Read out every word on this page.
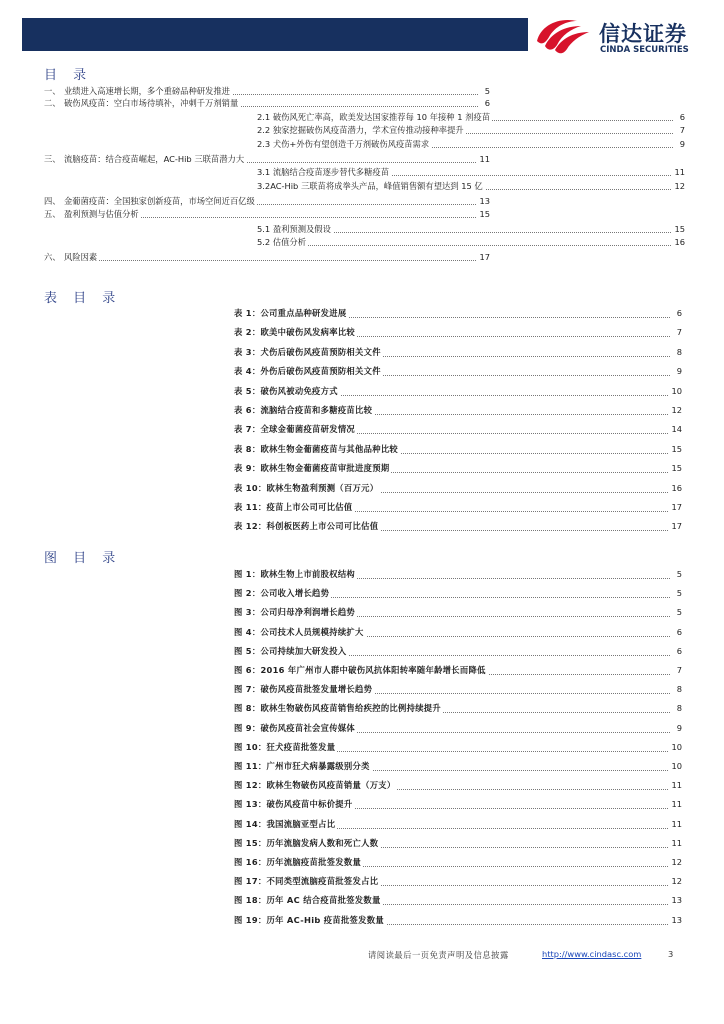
信达证券
CINDA SECURITIES
目 录
一、 业绩进入高速增长期，多个重磅品种研发推进	5
二、 破伤风疫苗：空白市场待填补，冲刺千万剂销量	6
2.1 破伤风死亡率高，欧美发达国家推荐每 10 年接种 1 剂疫苗	6
2.2 独家挖掘破伤风疫苗潜力，学术宣传推动接种率提升	7
2.3 犬伤+外伤有望创造千万剂破伤风疫苗需求	9
三、 流脑疫苗：结合疫苗崛起，AC-Hib 三联苗潜力大	11
3.1 流脑结合疫苗逐步替代多糖疫苗	11
3.2AC-Hib 三联苗将成拳头产品，峰值销售额有望达到 15 亿	12
四、 金葡菌疫苗：全国独家创新疫苗，市场空间近百亿级	13
五、 盈利预测与估值分析	15
5.1 盈利预测及假设	15
5.2 估值分析	16
六、 风险因素	17
表 目 录
表 1：公司重点品种研发进展	6
表 2：欧美中破伤风发病率比较	7
表 3：犬伤后破伤风疫苗预防相关文件	8
表 4：外伤后破伤风疫苗预防相关文件	9
表 5：破伤风被动免疫方式	10
表 6：流脑结合疫苗和多糖疫苗比较	12
表 7：全球金葡菌疫苗研发情况	14
表 8：欧林生物金葡菌疫苗与其他品种比较	15
表 9：欧林生物金葡菌疫苗审批进度预期	15
表 10：欧林生物盈利预测（百万元）	16
表 11：疫苗上市公司可比估值	17
表 12：科创板医药上市公司可比估值	17
图 目 录
图 1：欧林生物上市前股权结构	5
图 2：公司收入增长趋势	5
图 3：公司归母净利润增长趋势	5
图 4：公司技术人员规模持续扩大	6
图 5：公司持续加大研发投入	6
图 6：2016 年广州市人群中破伤风抗体阳转率随年龄增长而降低	7
图 7：破伤风疫苗批签发量增长趋势	8
图 8：欧林生物破伤风疫苗销售给疾控的比例持续提升	8
图 9：破伤风疫苗社会宣传媒体	9
图 10：狂犬疫苗批签发量	10
图 11：广州市狂犬病暴露级别分类	10
图 12：欧林生物破伤风疫苗销量（万支）	11
图 13：破伤风疫苗中标价提升	11
图 14：我国流脑亚型占比	11
图 15：历年流脑发病人数和死亡人数	11
图 16：历年流脑疫苗批签发数量	12
图 17：不同类型流脑疫苗批签发占比	12
图 18：历年 AC 结合疫苗批签发数量	13
图 19：历年 AC-Hib 疫苗批签发数量	13
请阅读最后一页免责声明及信息披露	http://www.cindasc.com	3
